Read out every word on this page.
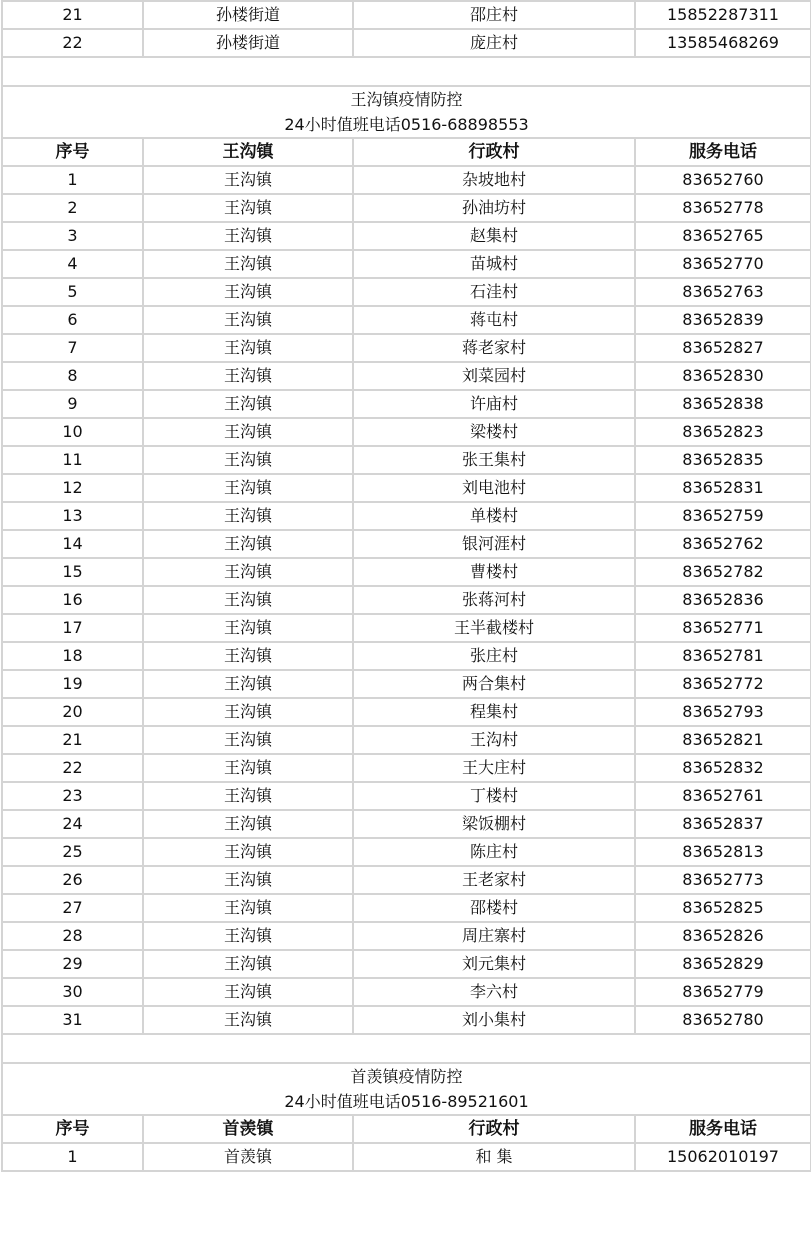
21	孙楼街道	邵庄村	15852287311
22	孙楼街道	庞庄村	13585468269

王沟镇疫情防控			
24小时值班电话0516-68898553			
序号	王沟镇	行政村	服务电话
1	王沟镇	杂坡地村	83652760
2	王沟镇	孙油坊村	83652778
3	王沟镇	赵集村	83652765
4	王沟镇	苗城村	83652770
5	王沟镇	石洼村	83652763
6	王沟镇	蒋屯村	83652839
7	王沟镇	蒋老家村	83652827
8	王沟镇	刘菜园村	83652830
9	王沟镇	许庙村	83652838
10	王沟镇	梁楼村	83652823
11	王沟镇	张王集村	83652835
12	王沟镇	刘电池村	83652831
13	王沟镇	单楼村	83652759
14	王沟镇	银河涯村	83652762
15	王沟镇	曹楼村	83652782
16	王沟镇	张蒋河村	83652836
17	王沟镇	王半截楼村	83652771
18	王沟镇	张庄村	83652781
19	王沟镇	两合集村	83652772
20	王沟镇	程集村	83652793
21	王沟镇	王沟村	83652821
22	王沟镇	王大庄村	83652832
23	王沟镇	丁楼村	83652761
24	王沟镇	梁饭棚村	83652837
25	王沟镇	陈庄村	83652813
26	王沟镇	王老家村	83652773
27	王沟镇	邵楼村	83652825
28	王沟镇	周庄寨村	83652826
29	王沟镇	刘元集村	83652829
30	王沟镇	李六村	83652779
31	王沟镇	刘小集村	83652780

首羡镇疫情防控			
24小时值班电话0516-89521601			
序号	首羡镇	行政村	服务电话
1	首羡镇	和 集	15062010197
